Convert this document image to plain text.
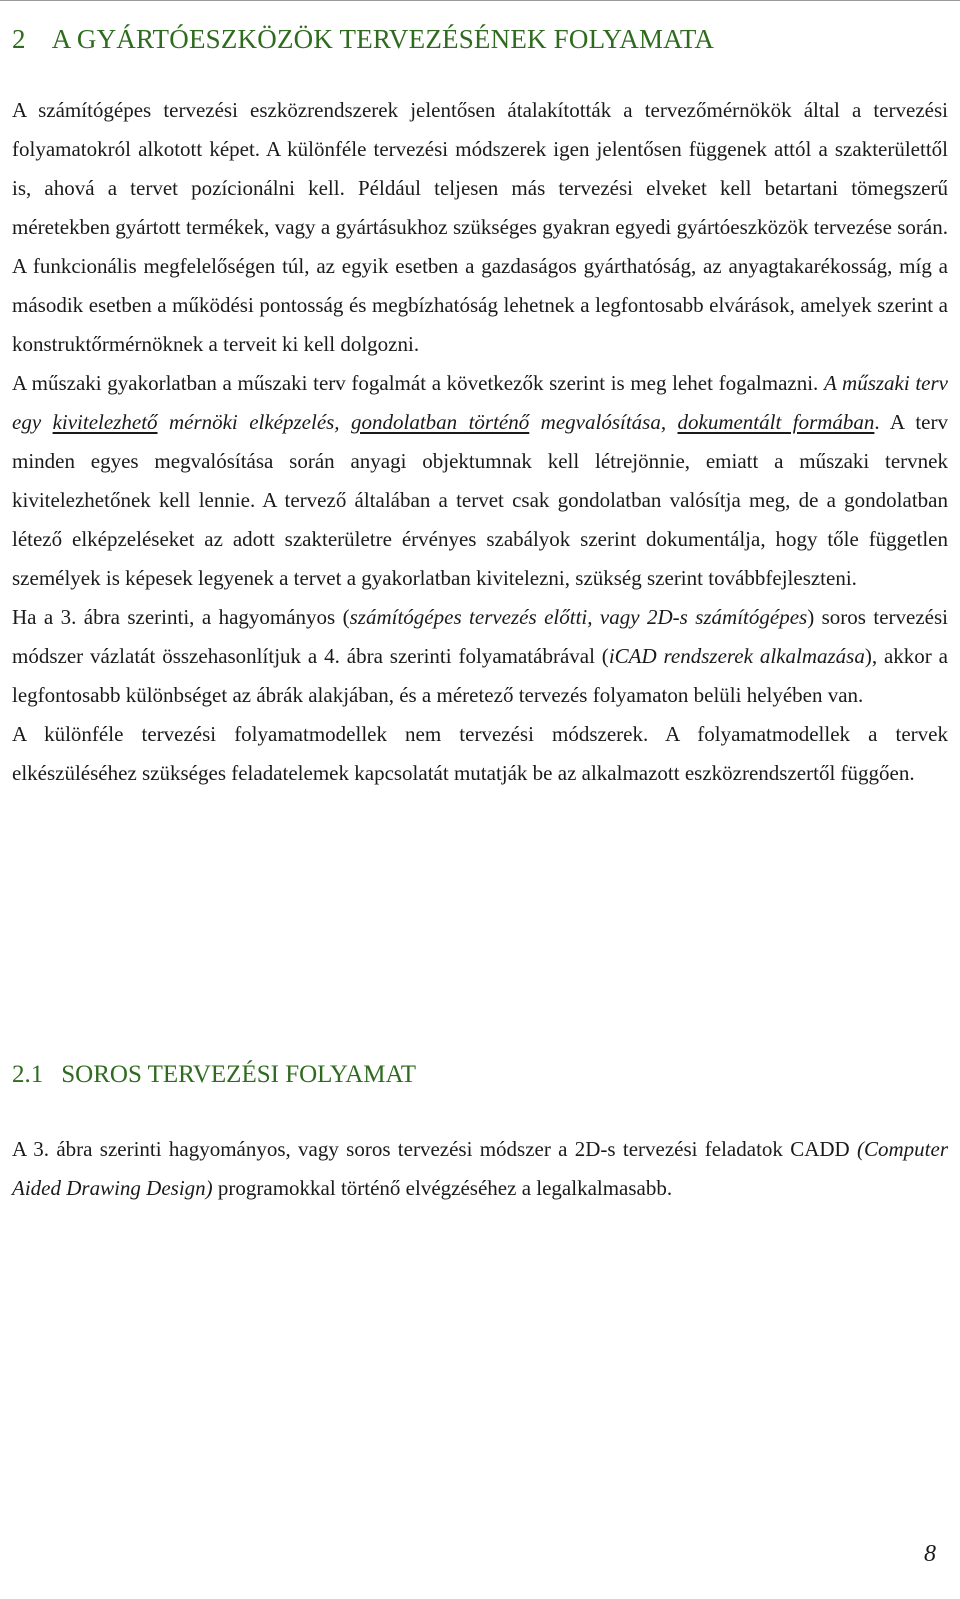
2 A GYÁRTÓESZKÖZÖK TERVEZÉSÉNEK FOLYAMATA

A számítógépes tervezési eszközrendszerek jelentősen átalakították a tervezőmérnökök által a tervezési folyamatokról alkotott képet. A különféle tervezési módszerek igen jelentősen függenek attól a szakterülettől is, ahová a tervet pozícionálni kell. Például teljesen más tervezési elveket kell betartani tömegszerű méretekben gyártott termékek, vagy a gyártásukhoz szükséges gyakran egyedi gyártóeszközök tervezése során. A funkcionális megfelelőségen túl, az egyik esetben a gazdaságos gyárthatóság, az anyagtakarékosság, míg a második esetben a működési pontosság és megbízhatóság lehetnek a legfontosabb elvárások, amelyek szerint a konstruktőrmérnöknek a terveit ki kell dolgozni.

A műszaki gyakorlatban a műszaki terv fogalmát a következők szerint is meg lehet fogalmazni. A műszaki terv egy kivitelezhető mérnöki elképzelés, gondolatban történő megvalósítása, dokumentált formában. A terv minden egyes megvalósítása során anyagi objektumnak kell létrejönnie, emiatt a műszaki tervnek kivitelezhetőnek kell lennie. A tervező általában a tervet csak gondolatban valósítja meg, de a gondolatban létező elképzeléseket az adott szakterületre érvényes szabályok szerint dokumentálja, hogy tőle független személyek is képesek legyenek a tervet a gyakorlatban kivitelezni, szükség szerint továbbfejleszteni.

Ha a 3. ábra szerinti, a hagyományos (számítógépes tervezés előtti, vagy 2D-s számítógépes) soros tervezési módszer vázlatát összehasonlítjuk a 4. ábra szerinti folyamatábrával (iCAD rendszerek alkalmazása), akkor a legfontosabb különbséget az ábrák alakjában, és a méretező tervezés folyamaton belüli helyében van.

A különféle tervezési folyamatmodellek nem tervezési módszerek. A folyamatmodellek a tervek elkészüléséhez szükséges feladatelemek kapcsolatát mutatják be az alkalmazott eszközrendszertől függően.

2.1 SOROS TERVEZÉSI FOLYAMAT

A 3. ábra szerinti hagyományos, vagy soros tervezési módszer a 2D-s tervezési feladatok CADD (Computer Aided Drawing Design) programokkal történő elvégzéséhez a legalkalmasabb.

8
